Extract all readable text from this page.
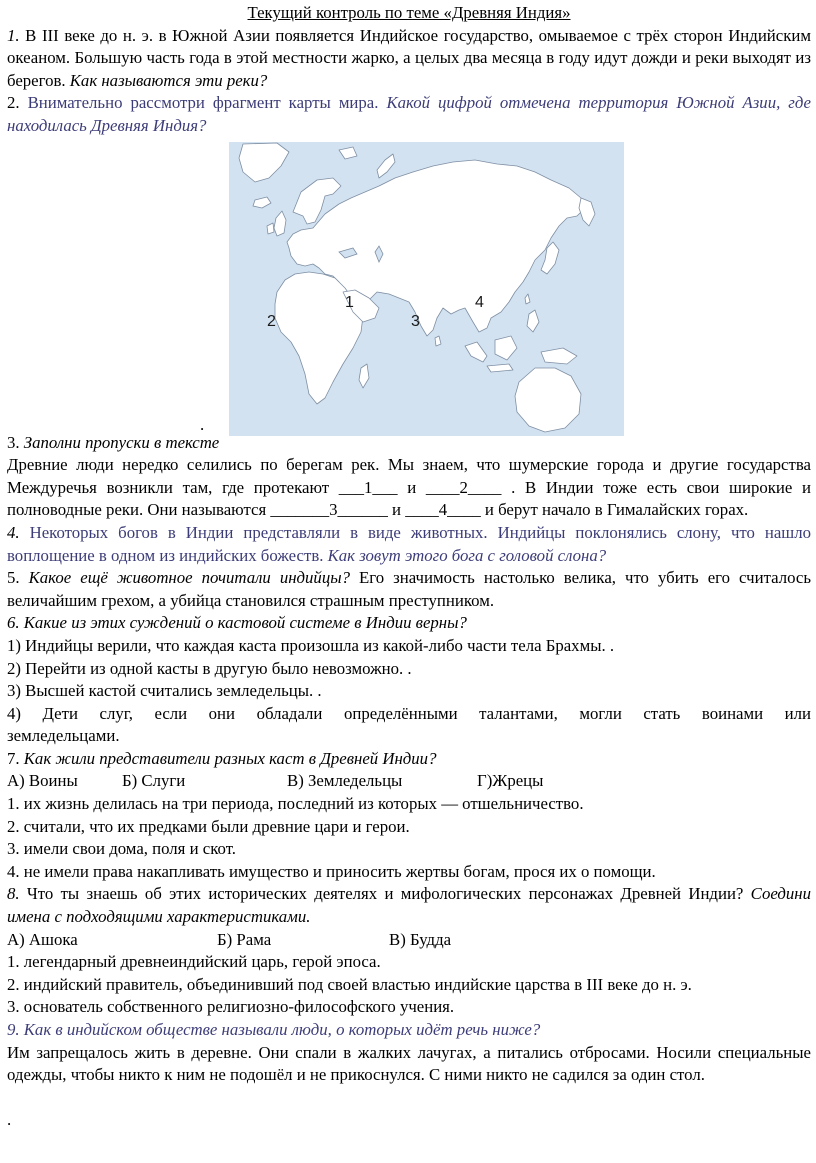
Текущий контроль по теме «Древняя Индия»

1. В III веке до н. э. в Южной Азии появляется Индийское государство, омываемое с трёх сторон Индийским океаном. Большую часть года в этой местности жарко, а целых два месяца в году идут дожди и реки выходят из берегов. Как называются эти реки?

2. Внимательно рассмотри фрагмент карты мира. Какой цифрой отмечена территория Южной Азии, где находилась Древняя Индия?

1
2	3
4
.

3. Заполни пропуски в тексте

Древние люди нередко селились по берегам рек. Мы знаем, что шумерские города и другие государства Междуречья возникли там, где протекают ___1___ и ____2____ . В Индии тоже есть свои широкие и полноводные реки. Они называются _______3______ и ____4____ и берут начало в Гималайских горах.

4. Некоторых богов в Индии представляли в виде животных. Индийцы поклонялись слону, что нашло воплощение в одном из индийских божеств. Как зовут этого бога с головой слона?

5. Какое ещё животное почитали индийцы? Его значимость настолько велика, что убить его считалось величайшим грехом, а убийца становился страшным преступником.

6. Какие из этих суждений о кастовой системе в Индии верны?

1) Индийцы верили, что каждая каста произошла из какой-либо части тела Брахмы. .

2) Перейти из одной касты в другую было невозможно. .

3) Высшей кастой считались земледельцы. .

4) Дети слуг, если они обладали определёнными талантами, могли стать воинами или земледельцами.

7. Как жили представители разных каст в Древней Индии?

А) Воины	Б) Слуги	В) Земледельцы	Г)Жрецы

1. их жизнь делилась на три периода, последний из которых — отшельничество.

2. считали, что их предками были древние цари и герои.

3. имели свои дома, поля и скот.

4. не имели права накапливать имущество и приносить жертвы богам, прося их о помощи.

8. Что ты знаешь об этих исторических деятелях и мифологических персонажах Древней Индии? Соедини имена с подходящими характеристиками.

А) Ашока	Б) Рама	В) Будда

1. легендарный древнеиндийский царь, герой эпоса.

2. индийский правитель, объединивший под своей властью индийские царства в III веке до н. э.

3. основатель собственного религиозно-философского учения.

9. Как в индийском обществе называли люди, о которых идёт речь ниже?

Им запрещалось жить в деревне. Они спали в жалких лачугах, а питались отбросами. Носили специальные одежды, чтобы никто к ним не подошёл и не прикоснулся. С ними никто не садился за один стол.

.
